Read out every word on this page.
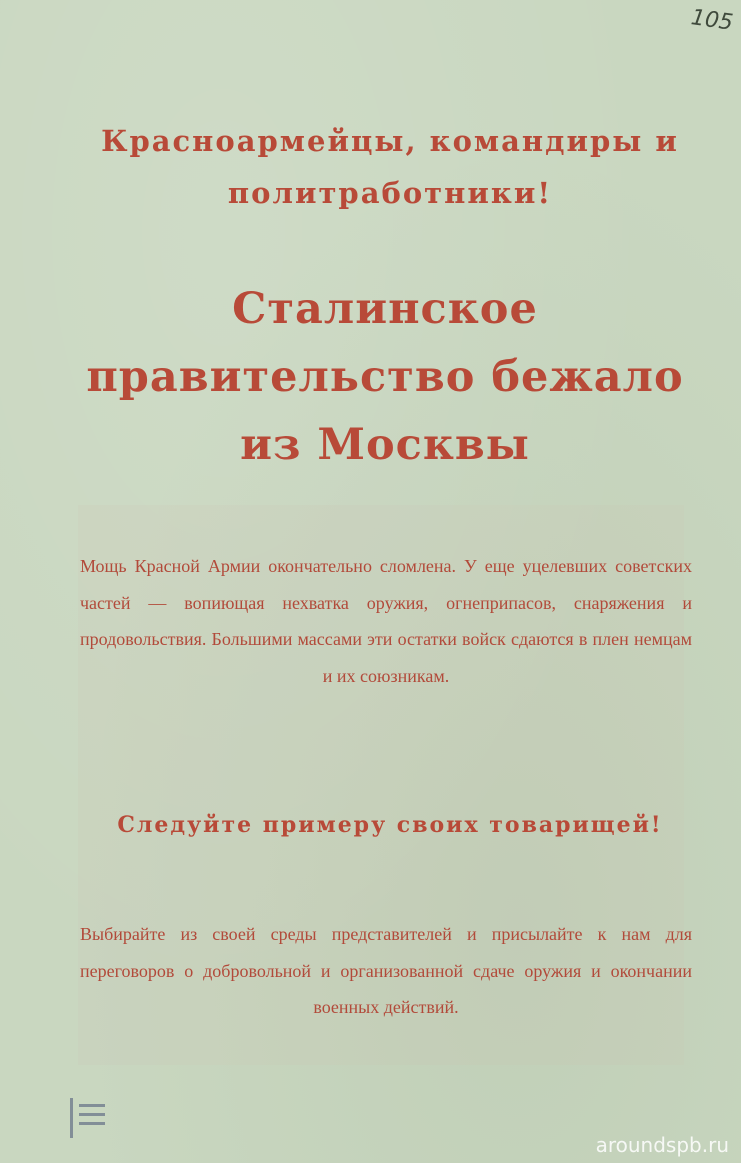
105
Красноармейцы, командиры и
политработники!
Сталинское
правительство бежало
из Москвы

Мощь Красной Армии окончательно сломлена. У еще уцелевших советских частей — вопиющая нехватка оружия, огнеприпасов, снаряжения и продовольствия. Большими массами эти остатки войск сдаются в плен немцам и их союзникам.

Следуйте примеру своих товарищей!

Выбирайте из своей среды представителей и присылайте к нам для переговоров о добровольной и организованной сдаче оружия и окончании военных действий.

aroundspb.ru
